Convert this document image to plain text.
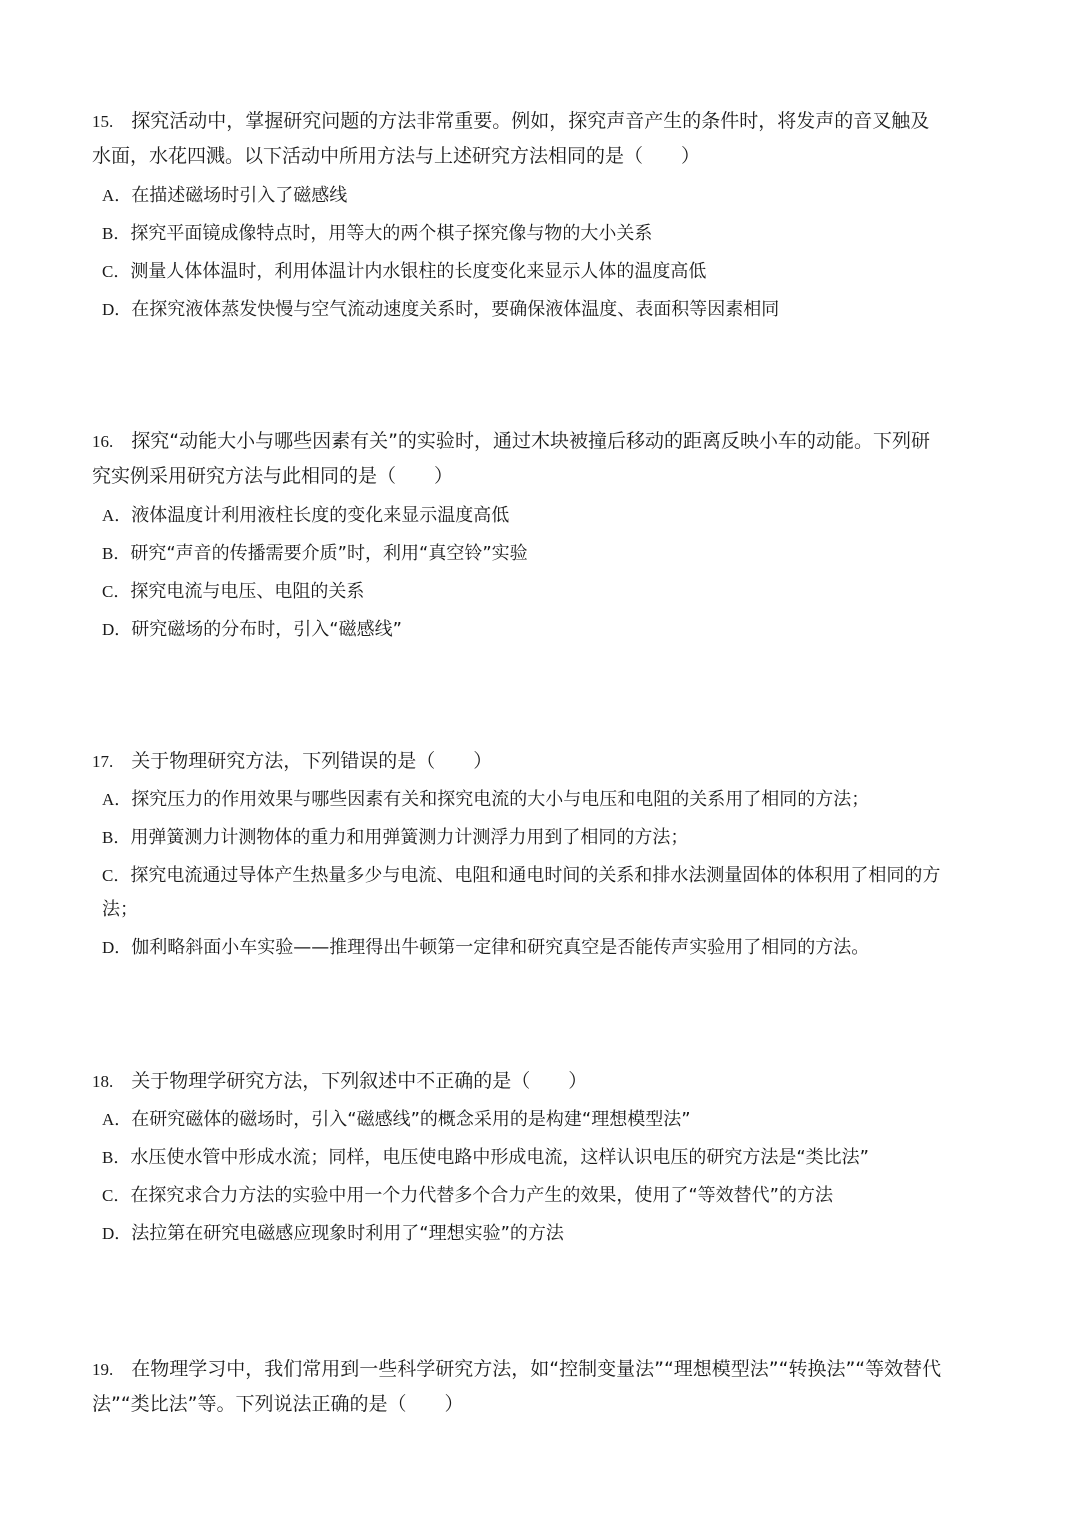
15. 探究活动中，掌握研究问题的方法非常重要。例如，探究声音产生的条件时，将发声的音叉触及水面，水花四溅。以下活动中所用方法与上述研究方法相同的是（　　）

A．在描述磁场时引入了磁感线

B．探究平面镜成像特点时，用等大的两个棋子探究像与物的大小关系

C．测量人体体温时，利用体温计内水银柱的长度变化来显示人体的温度高低

D．在探究液体蒸发快慢与空气流动速度关系时，要确保液体温度、表面积等因素相同

16. 探究“动能大小与哪些因素有关”的实验时，通过木块被撞后移动的距离反映小车的动能。下列研究实例采用研究方法与此相同的是（　　）

A．液体温度计利用液柱长度的变化来显示温度高低

B．研究“声音的传播需要介质”时，利用“真空铃”实验

C．探究电流与电压、电阻的关系

D．研究磁场的分布时，引入“磁感线”

17. 关于物理研究方法，下列错误的是（　　）

A．探究压力的作用效果与哪些因素有关和探究电流的大小与电压和电阻的关系用了相同的方法；

B．用弹簧测力计测物体的重力和用弹簧测力计测浮力用到了相同的方法；

C．探究电流通过导体产生热量多少与电流、电阻和通电时间的关系和排水法测量固体的体积用了相同的方法；

D．伽利略斜面小车实验——推理得出牛顿第一定律和研究真空是否能传声实验用了相同的方法。

18. 关于物理学研究方法，下列叙述中不正确的是（　　）

A．在研究磁体的磁场时，引入“磁感线”的概念采用的是构建“理想模型法”

B．水压使水管中形成水流；同样，电压使电路中形成电流，这样认识电压的研究方法是“类比法”

C．在探究求合力方法的实验中用一个力代替多个合力产生的效果，使用了“等效替代”的方法

D．法拉第在研究电磁感应现象时利用了“理想实验”的方法

19. 在物理学习中，我们常用到一些科学研究方法，如“控制变量法”“理想模型法”“转换法”“等效替代法”“类比法”等。下列说法正确的是（　　）
